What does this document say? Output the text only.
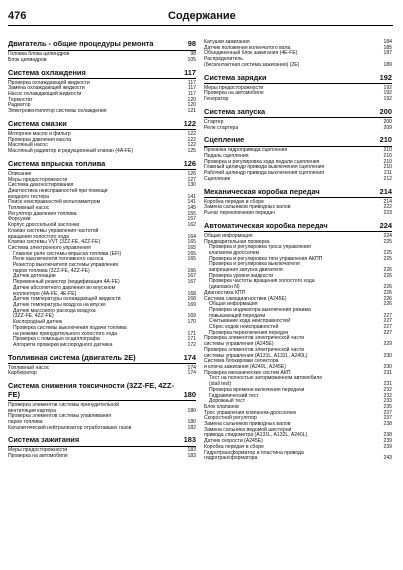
476	Содержание
Двигатель - общие процедуры ремонта	98
Головка блока цилиндров	98
Блок цилиндров	105
Система охлаждения	117
Проверка охлаждающей жидкости	117
Замена охлаждающей жидкости	117
Насос охлаждающей жидкости	117
Термостат	120
Радиатор	120
Электровентилятор системы охлаждения	121
Система смазки	122
Моторное масло и фильтр	122
Проверка давления масла	122
Масляный насос	122
Масляный радиатор и редукционный клапан (4A-FE)	125
Система впрыска топлива	126
Описание	126
Меры предосторожности	127
Система диагностирования	130
Диагностика неисправностей при помощи
входного тестера	141
Поиск неисправностей вольтомметром	141
Топливный насос	145
Регулятор давления топлива	155
Форсунки	157
Корпус дроссельной заслонки	162
Клапан системы управления частотой
вращения холостого хода	164
Клапан системы VVT (3ZZ-FE, 4ZZ-FE)	165
Система электронного управления	165
Главное реле системы впрыска топлива (EFI)	165
Реле выключателя топливного насоса	165
Резистор выключателя системы управления
паров топлива (3ZZ-FE, 4ZZ-FE)	166
Датчик детонации	167
Переменный резистор (модификация 4A-FE)	167
Датчик абсолютного давления во впускном
коллекторе (4A-FE, 4E-FE)	168
Датчик температуры охлаждающей жидкости	168
Датчик температуры воздуха на впуске	169
Датчик массового расхода воздуха
(3ZZ-FE, 4ZZ-FE)	169
Кислородный датчик	170
Проверка системы выключения подачи топлива
на режиме принудительного холостого хода	171
Проверка с помощью осциллографа	171
Алгоритм проверки кислородного датчика	172
Топливная система (двигатель 2E)	174
Топливный насос	174
Карбюратор	174
Система снижения токсичности (3ZZ-FE, 4ZZ-FE)	180
Проверка элементов системы принудительной
вентиляции картера	180
Проверка элементов системы улавливания
паров топлива	180
Каталитический нейтрализатор отработавших газов	182
Система зажигания	183
Меры предосторожности	183
Проверка на автомобиле	183
Катушки зажигания	184
Датчик положения коленчатого вала	185
Объединенный блок зажигания (4E-FE)	187
Распределитель
(бесконтактная система зажигания) (2E)	189
Система зарядки	192
Меры предосторожности	192
Проверка на автомобиле	192
Генератор	192
Система запуска	200
Стартер	200
Реле стартера	209
Сцепление	210
Прокачка гидропривода сцепления	210
Педаль сцепления	210
Проверка и регулировка хода педали сцепления	210
Главный цилиндр привода выключения сцепления	210
Рабочий цилиндр привода выключения сцепления	211
Сцепление	212
Механическая коробка передач	214
Коробка передач в сборе	214
Замена сальников приводных валов	222
Рычаг переключения передач	223
Автоматическая коробка передач	224
Общая информация	224
Предварительная проверка	225
Проверка и регулировка троса управления
клапаном дросселем	225
Проверка и регулировка тяги управления АКПП	225
Проверка и регулировка выключателя
запрещения запуска двигателя	226
Проверка уровня жидкости	226
Проверка частоты вращения холостого хода
(диапазон N)	226
Диагностика КПП	226
Система самодиагностики (A245E)	226
Общая информация	226
Проверка индикатора выключения режима
повышающей передачи	227
Считывание кода неисправностей	227
Сброс кодов неисправностей	227
Проверка переключения передач	227
Проверка элементов электрической части
системы управления (A245E)	229
Проверка элементов электрической части
системы управления (A131L, A132L, A240L)	230
Система блокировки селектора
и ключа зажигания (A240L, A245E)	230
Проверка механических систем АКП	231
Тест на полностью заторможенном автомобиле
(stall test)	231
Проверка времени включения передачи	232
Гидравлический тест	232
Дорожный тест	233
Блок клапанов	235
Трос управления клапаном-дросселем	237
Скоростной регулятор	237
Замена сальников приводных валов	238
Замена сальника ведомой шестерни
привода спидометра (A131L, A132L, A240L)	238
Датчик скорости (A245E)	239
Коробка передач в сборе	239
Гидротрансформатор и пластина привода
гидротрансформатора	243
